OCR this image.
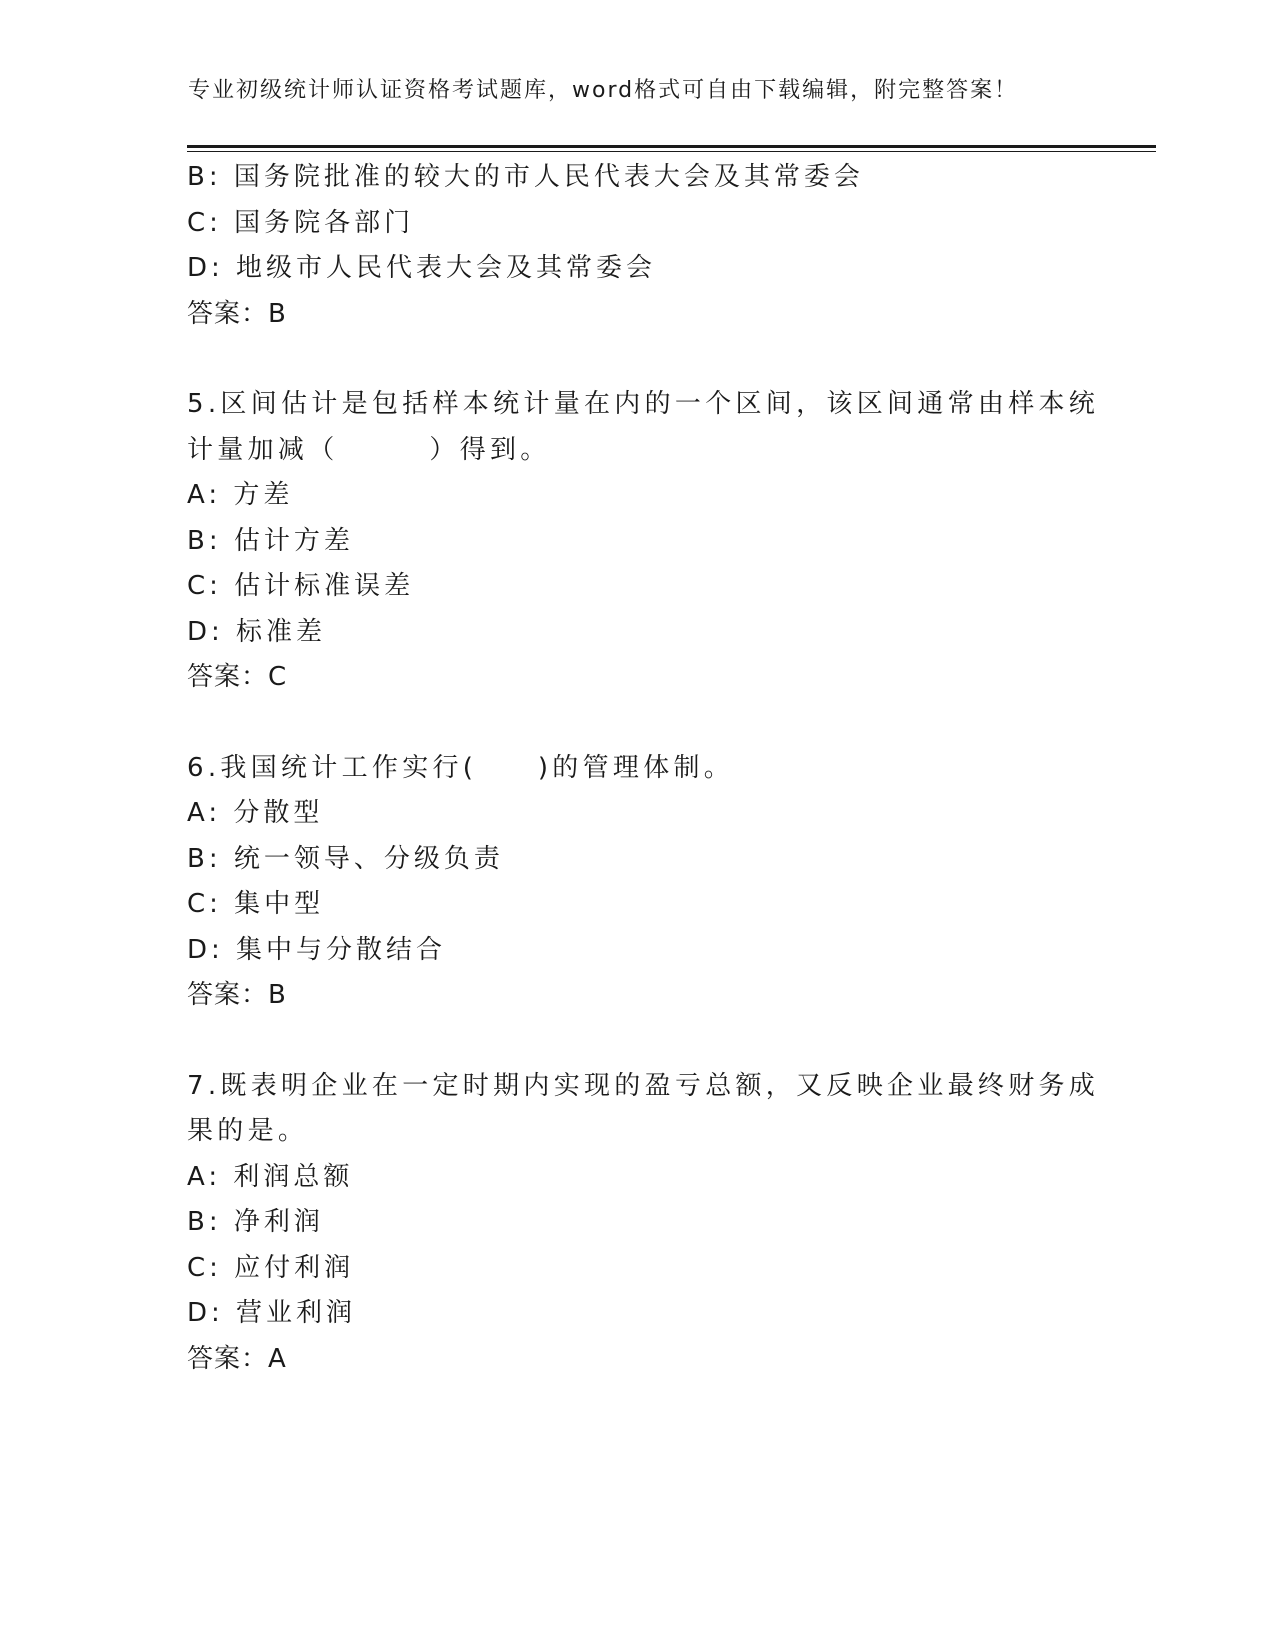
专业初级统计师认证资格考试题库，word格式可自由下载编辑，附完整答案！
B: 国务院批准的较大的市人民代表大会及其常委会
C: 国务院各部门
D: 地级市人民代表大会及其常委会
答案：B
5.区间估计是包括样本统计量在内的一个区间，该区间通常由样本统
计量加减（　　　）得到。
A: 方差
B: 估计方差
C: 估计标准误差
D: 标准差
答案：C
6.我国统计工作实行(　　)的管理体制。
A: 分散型
B: 统一领导、分级负责
C: 集中型
D: 集中与分散结合
答案：B
7.既表明企业在一定时期内实现的盈亏总额，又反映企业最终财务成
果的是。
A: 利润总额
B: 净利润
C: 应付利润
D: 营业利润
答案：A
